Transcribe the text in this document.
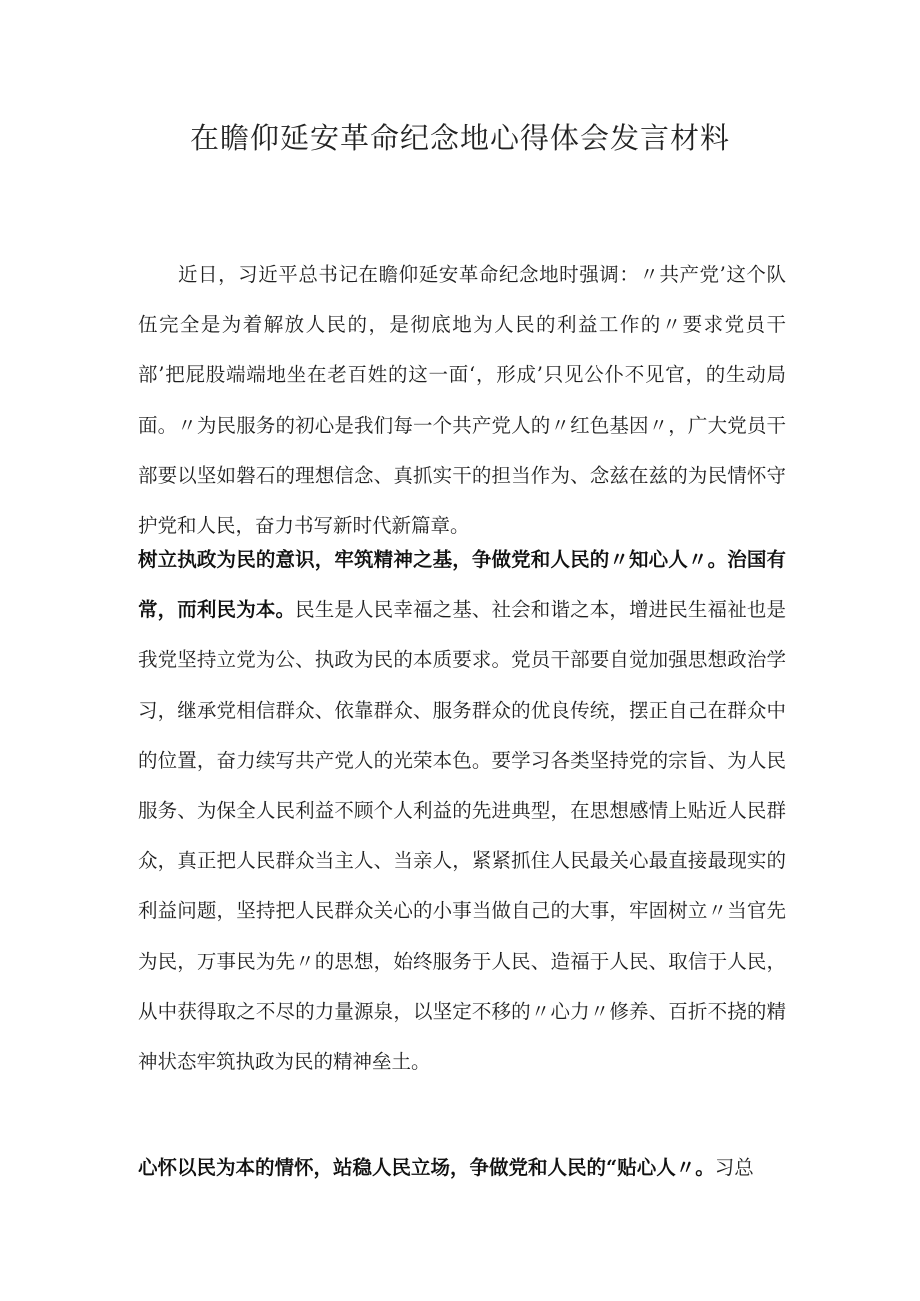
在瞻仰延安革命纪念地心得体会发言材料

近日，习近平总书记在瞻仰延安革命纪念地时强调：〃共产党’这个队伍完全是为着解放人民的，是彻底地为人民的利益工作的〃要求党员干部’把屁股端端地坐在老百姓的这一面‘，形成’只见公仆不见官，的生动局面。〃为民服务的初心是我们每一个共产党人的〃红色基因〃，广大党员干部要以坚如磐石的理想信念、真抓实干的担当作为、念兹在兹的为民情怀守护党和人民，奋力书写新时代新篇章。

树立执政为民的意识，牢筑精神之基，争做党和人民的〃知心人〃。治国有常，而利民为本。民生是人民幸福之基、社会和谐之本，增进民生福祉也是我党坚持立党为公、执政为民的本质要求。党员干部要自觉加强思想政治学习，继承党相信群众、依靠群众、服务群众的优良传统，摆正自己在群众中的位置，奋力续写共产党人的光荣本色。要学习各类坚持党的宗旨、为人民服务、为保全人民利益不顾个人利益的先进典型，在思想感情上贴近人民群众，真正把人民群众当主人、当亲人，紧紧抓住人民最关心最直接最现实的利益问题，坚持把人民群众关心的小事当做自己的大事，牢固树立〃当官先为民，万事民为先〃的思想，始终服务于人民、造福于人民、取信于人民，从中获得取之不尽的力量源泉，以坚定不移的〃心力〃修养、百折不挠的精神状态牢筑执政为民的精神垒土。

心怀以民为本的情怀，站稳人民立场，争做党和人民的“贴心人〃。习总
